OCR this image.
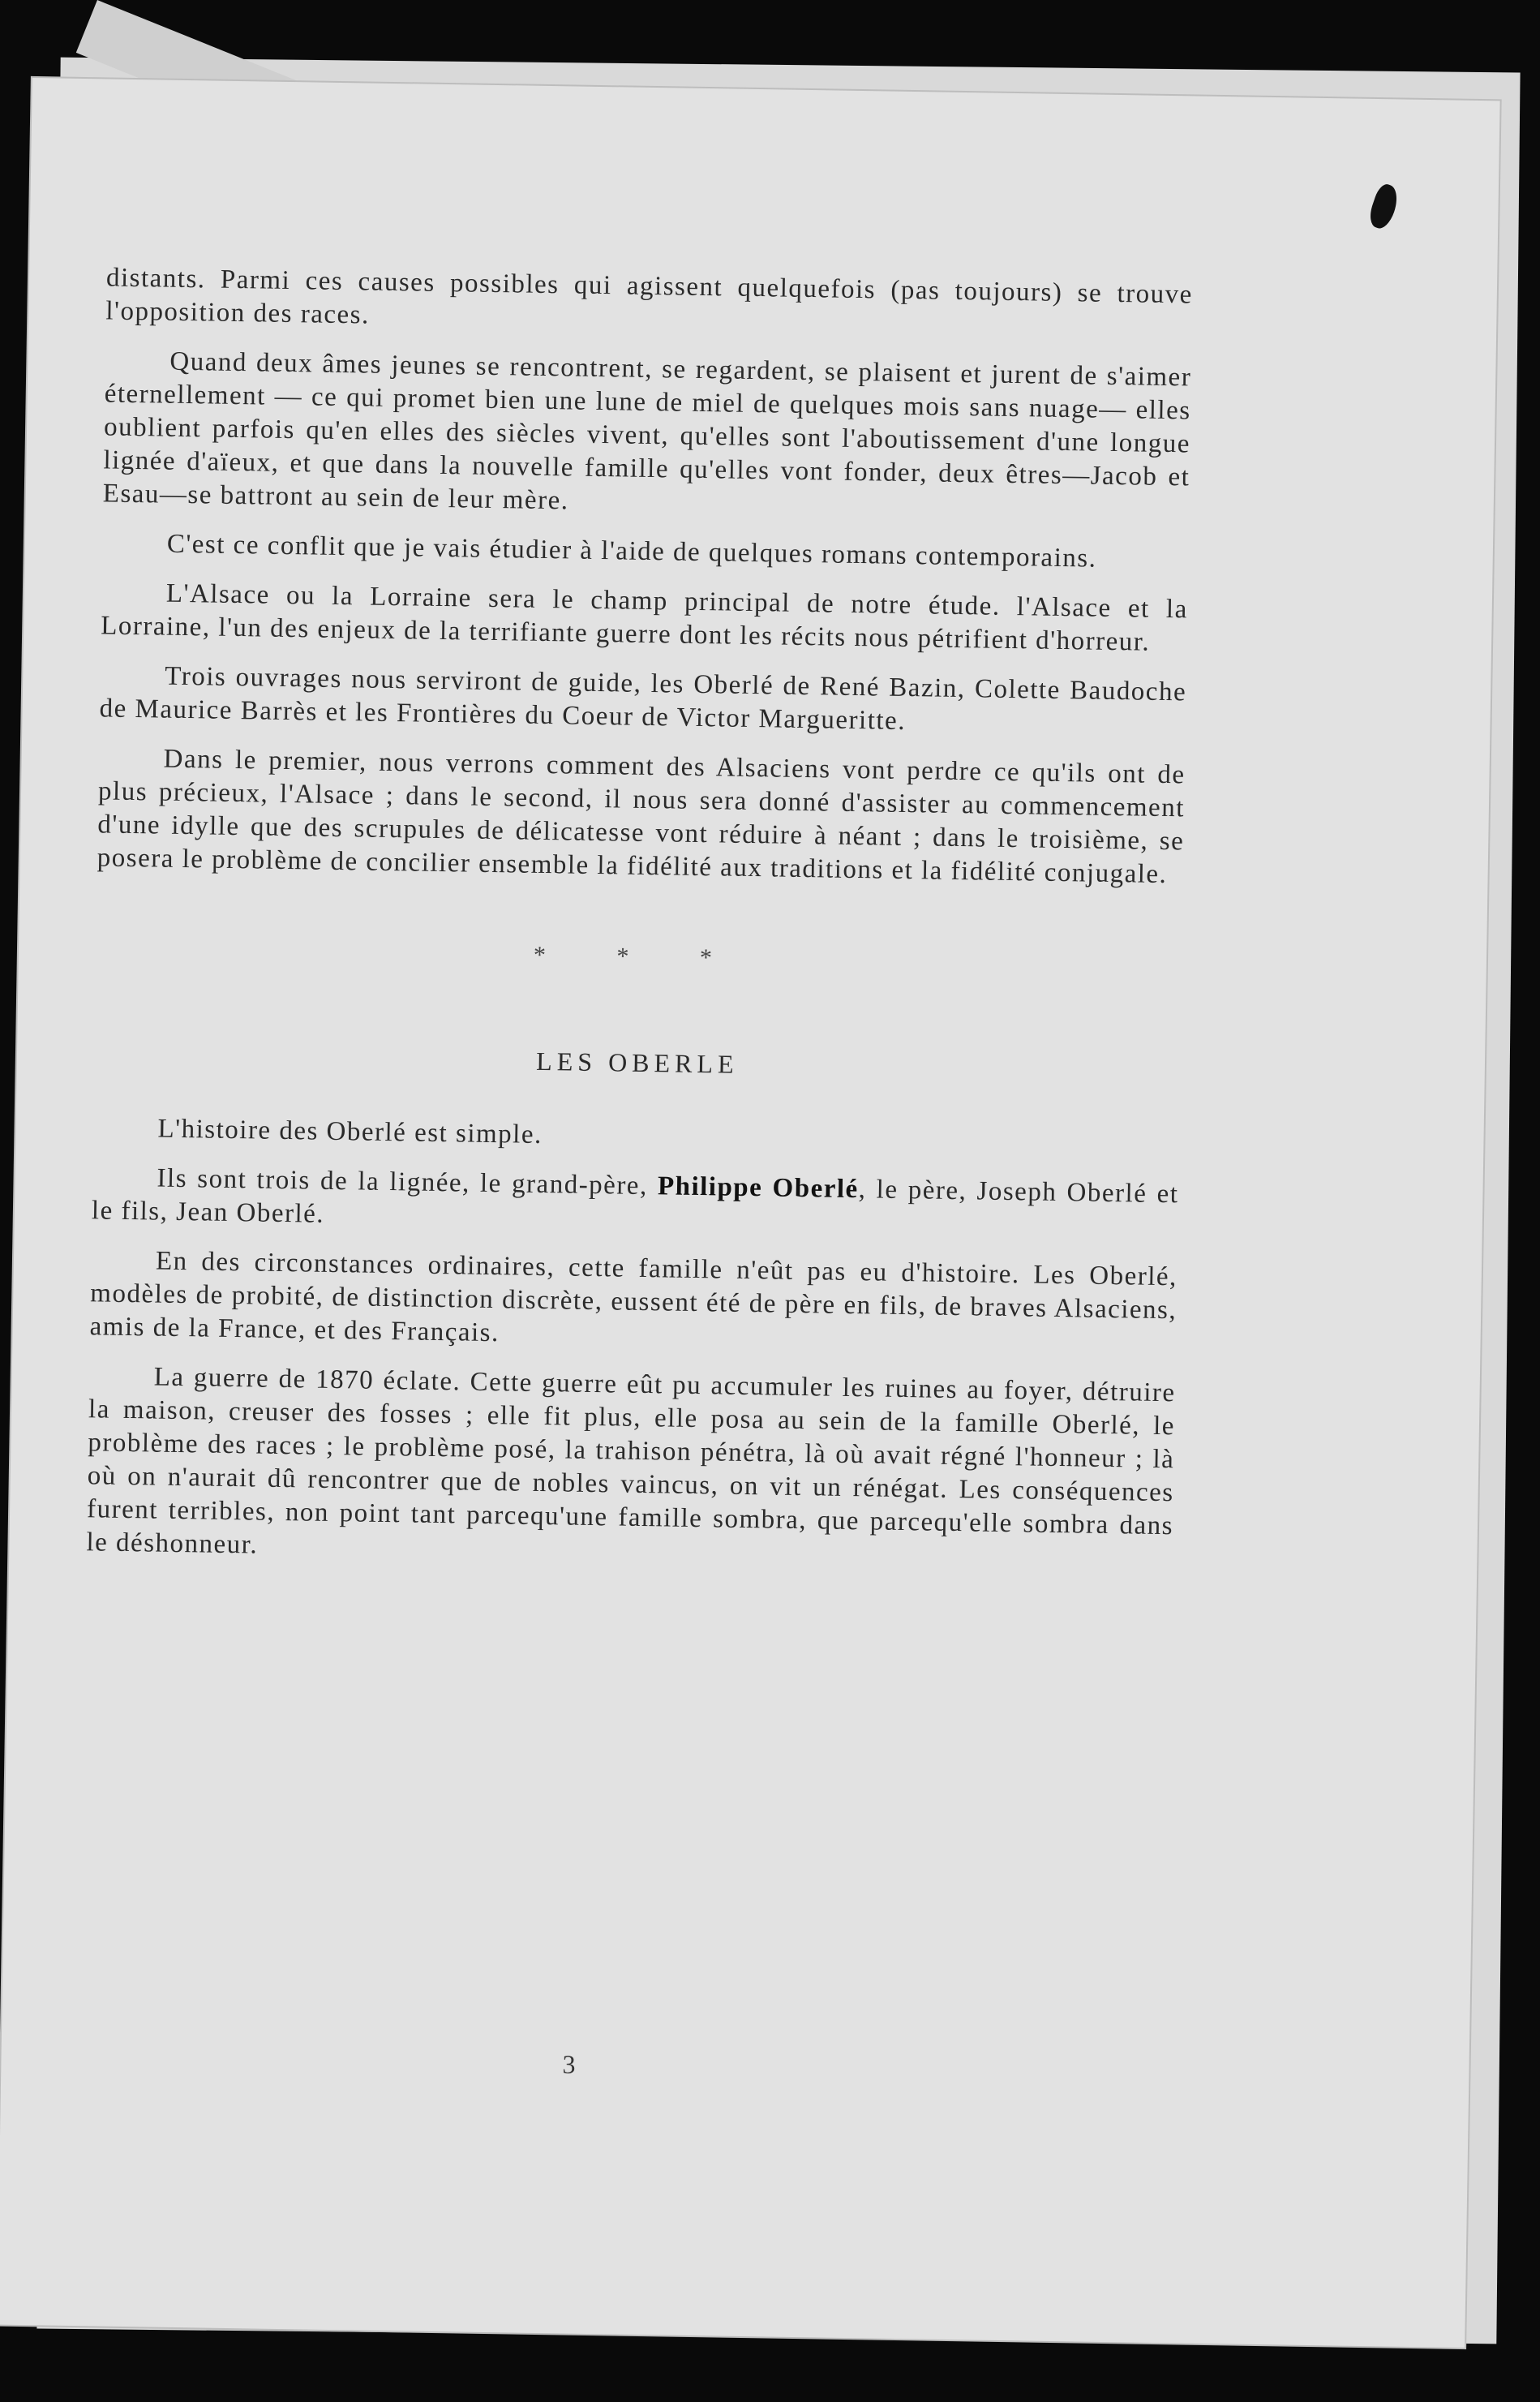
distants. Parmi ces causes possibles qui agissent quelquefois (pas toujours) se trouve l'opposition des races.

Quand deux âmes jeunes se rencontrent, se regardent, se plaisent et jurent de s'aimer éternellement — ce qui promet bien une lune de miel de quelques mois sans nuage— elles oublient parfois qu'en elles des siècles vivent, qu'elles sont l'aboutissement d'une longue lignée d'aïeux, et que dans la nouvelle famille qu'elles vont fonder, deux êtres—Jacob et Esau—se battront au sein de leur mère.

C'est ce conflit que je vais étudier à l'aide de quelques romans contemporains.

L'Alsace ou la Lorraine sera le champ principal de notre étude. l'Alsace et la Lorraine, l'un des enjeux de la terrifiante guerre dont les récits nous pétrifient d'horreur.

Trois ouvrages nous serviront de guide, les Oberlé de René Bazin, Colette Baudoche de Maurice Barrès et les Frontières du Coeur de Victor Margueritte.

Dans le premier, nous verrons comment des Alsaciens vont perdre ce qu'ils ont de plus précieux, l'Alsace ; dans le second, il nous sera donné d'assister au commencement d'une idylle que des scrupules de délicatesse vont réduire à néant ; dans le troisième, se posera le problème de concilier ensemble la fidélité aux traditions et la fidélité conjugale.

* * *
LES OBERLE

L'histoire des Oberlé est simple.

Ils sont trois de la lignée, le grand-père, Philippe Oberlé, le père, Joseph Oberlé et le fils, Jean Oberlé.

En des circonstances ordinaires, cette famille n'eût pas eu d'histoire. Les Oberlé, modèles de probité, de distinction discrète, eussent été de père en fils, de braves Alsaciens, amis de la France, et des Français.

La guerre de 1870 éclate. Cette guerre eût pu accumuler les ruines au foyer, détruire la maison, creuser des fosses ; elle fit plus, elle posa au sein de la famille Oberlé, le problème des races ; le problème posé, la trahison pénétra, là où avait régné l'honneur ; là où on n'aurait dû rencontrer que de nobles vaincus, on vit un rénégat. Les conséquences furent terribles, non point tant parcequ'une famille sombra, que parcequ'elle sombra dans le déshonneur.

3
